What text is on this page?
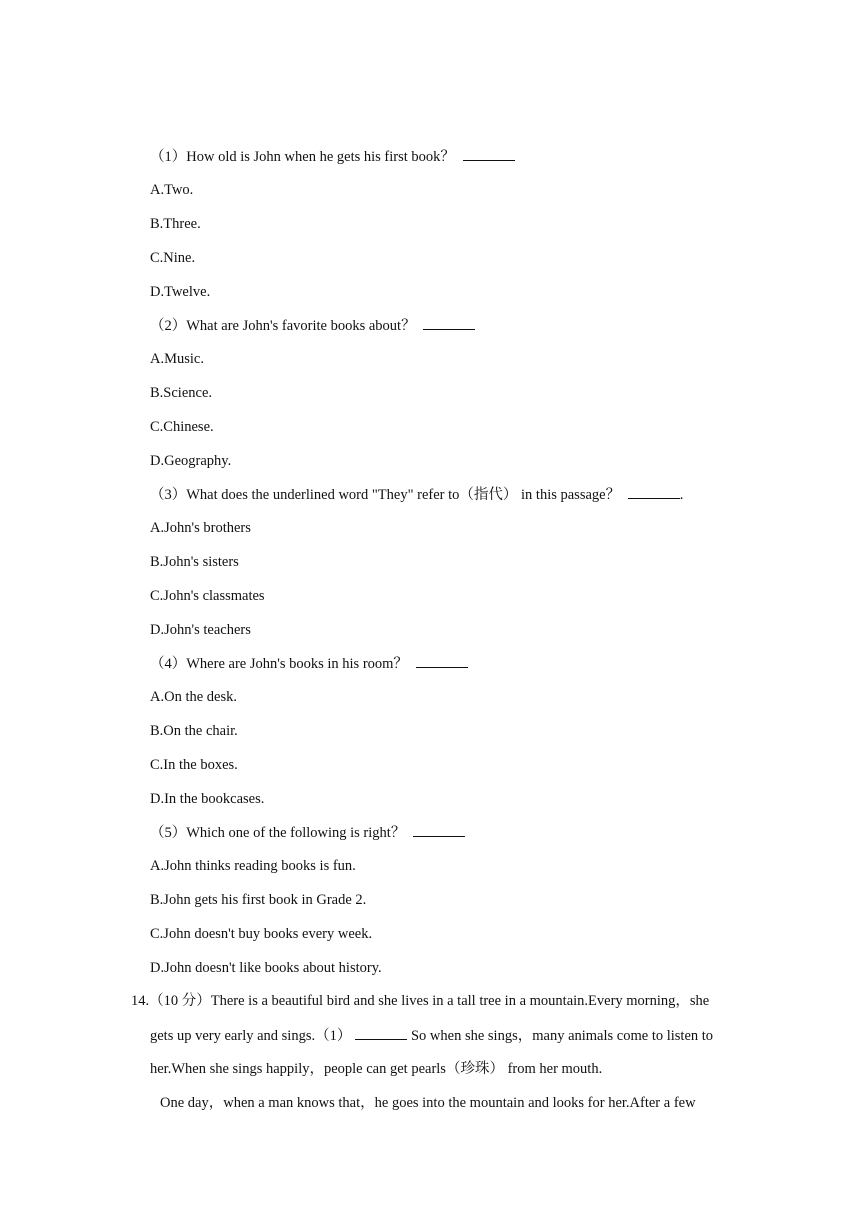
（1）How old is John when he gets his first book？
A.Two.
B.Three.
C.Nine.
D.Twelve.
（2）What are John's favorite books about？
A.Music.
B.Science.
C.Chinese.
D.Geography.
（3）What does the underlined word "They" refer to（指代） in this passage？	.
A.John's brothers
B.John's sisters
C.John's classmates
D.John's teachers
（4）Where are John's books in his room？
A.On the desk.
B.On the chair.
C.In the boxes.
D.In the bookcases.
（5）Which one of the following is right？
A.John thinks reading books is fun.
B.John gets his first book in Grade 2.
C.John doesn't buy books every week.
D.John doesn't like books about history.
14.（10 分）There is a beautiful bird and she lives in a tall tree in a mountain.Every morning，she
gets up very early and sings.（1）	So when she sings，many animals come to listen to
her.When she sings happily，people can get pearls（珍珠） from her mouth.
One day，when a man knows that，he goes into the mountain and looks for her.After a few
